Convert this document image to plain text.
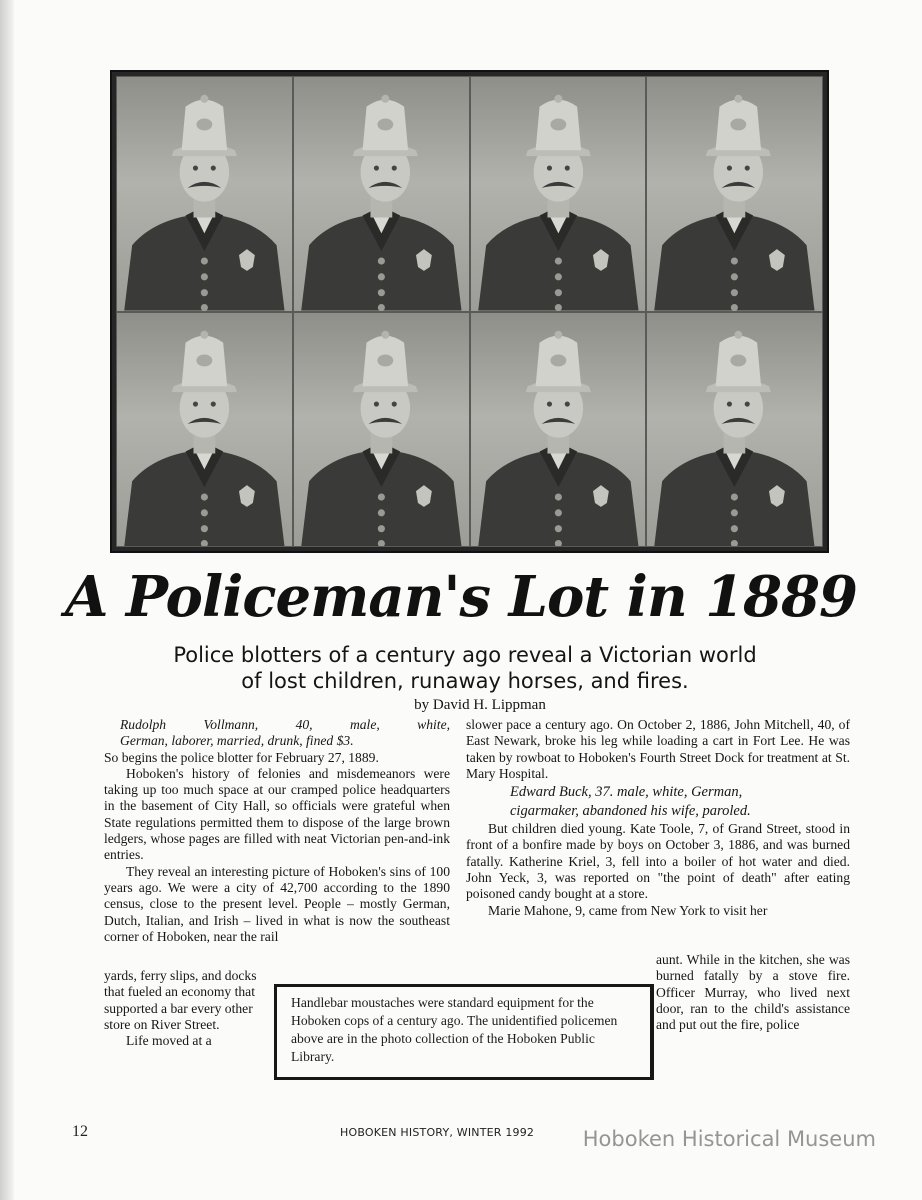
A Policeman's Lot in 1889
Police blotters of a century ago reveal a Victorian world
of lost children, runaway horses, and fires.
by David H. Lippman

Rudolph Vollmann, 40, male, white,

German, laborer, married, drunk, fined $3.

So begins the police blotter for February 27, 1889.

Hoboken's history of felonies and misdemeanors were taking up too much space at our cramped police headquarters in the basement of City Hall, so officials were grateful when State regulations permitted them to dispose of the large brown ledgers, whose pages are filled with neat Victorian pen-and-ink entries.

They reveal an interesting picture of Hoboken's sins of 100 years ago. We were a city of 42,700 according to the 1890 census, close to the present level. People – mostly German, Dutch, Italian, and Irish – lived in what is now the southeast corner of Hoboken, near the rail

yards, ferry slips, and docks that fueled an economy that supported a bar every other store on River Street.

Life moved at a

slower pace a century ago. On October 2, 1886, John Mitchell, 40, of East Newark, broke his leg while loading a cart in Fort Lee. He was taken by rowboat to Hoboken's Fourth Street Dock for treatment at St. Mary Hospital.

Edward Buck, 37. male, white, German,

cigarmaker, abandoned his wife, paroled.

But children died young. Kate Toole, 7, of Grand Street, stood in front of a bonfire made by boys on October 3, 1886, and was burned fatally. Katherine Kriel, 3, fell into a boiler of hot water and died. John Yeck, 3, was reported on "the point of death" after eating poisoned candy bought at a store.

Marie Mahone, 9, came from New York to visit her

aunt. While in the kitchen, she was burned fatally by a stove fire. Officer Murray, who lived next door, ran to the child's assistance and put out the fire, police
Handlebar moustaches were standard equipment for the Hoboken cops of a century ago. The unidentified policemen above are in the photo collection of the Hoboken Public Library.
12	HOBOKEN HISTORY, WINTER 1992	Hoboken Historical Museum
